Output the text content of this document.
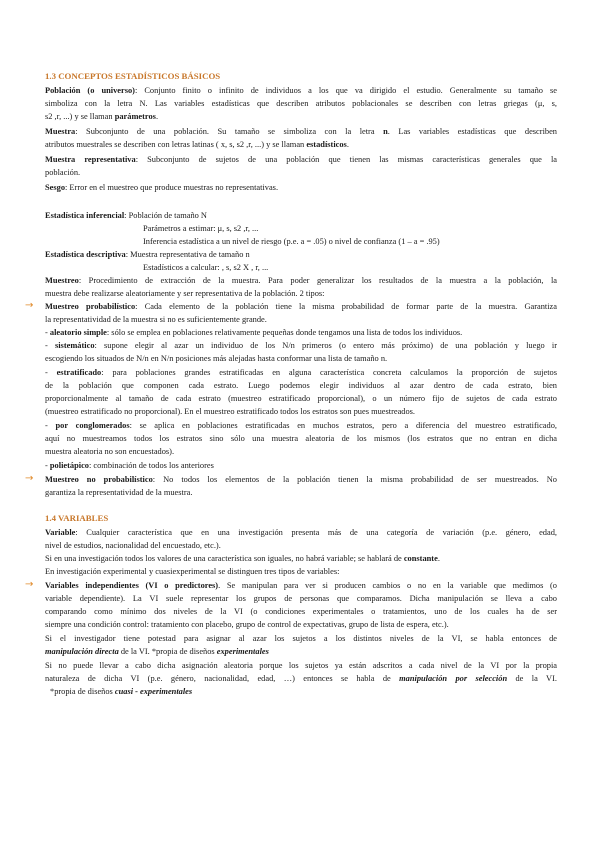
1.3 CONCEPTOS ESTADÍSTICOS BÁSICOS
Población (o universo): Conjunto finito o infinito de individuos a los que va dirigido el estudio. Generalmente su tamaño se
simboliza con la letra N. Las variables estadísticas que describen atributos poblacionales se describen con letras griegas (μ, s,
s2 ,r, ...) y se llaman parámetros.
Muestra: Subconjunto de una población. Su tamaño se simboliza con la letra n. Las variables estadísticas que describen
atributos muestrales se describen con letras latinas ( x, s, s2 ,r, ...) y se llaman estadísticos.
Muestra representativa: Subconjunto de sujetos de una población que tienen las mismas características generales que la
población.
Sesgo: Error en el muestreo que produce muestras no representativas.
Estadística inferencial: Población de tamaño N
Parámetros a estimar: μ, s, s2 ,r, ...
Inferencia estadística a un nivel de riesgo (p.e. a = .05) o nivel de confianza (1 – a = .95)
Estadística descriptiva: Muestra representativa de tamaño n
Estadísticos a calcular: , s, s2 X , r, ...
Muestreo: Procedimiento de extracción de la muestra. Para poder generalizar los resultados de la muestra a la población, la
muestra debe realizarse aleatoriamente y ser representativa de la población. 2 tipos:
→ Muestreo probabilístico: Cada elemento de la población tiene la misma probabilidad de formar parte de la muestra. Garantiza
la representatividad de la muestra si no es suficientemente grande.
- aleatorio simple: sólo se emplea en poblaciones relativamente pequeñas donde tengamos una lista de todos los individuos.
- sistemático: supone elegir al azar un individuo de los N/n primeros (o entero más próximo) de una población y luego ir
escogiendo los situados de N/n en N/n posiciones más alejadas hasta conformar una lista de tamaño n.
- estratificado: para poblaciones grandes estratificadas en alguna característica concreta calculamos la proporción de sujetos
de la población que componen cada estrato. Luego podemos elegir individuos al azar dentro de cada estrato, bien
proporcionalmente al tamaño de cada estrato (muestreo estratificado proporcional), o un número fijo de sujetos de cada estrato
(muestreo estratificado no proporcional). En el muestreo estratificado todos los estratos son pues muestreados.
- por conglomerados: se aplica en poblaciones estratificadas en muchos estratos, pero a diferencia del muestreo estratificado,
aquí no muestreamos todos los estratos sino sólo una muestra aleatoria de los mismos (los estratos que no entran en dicha
muestra aleatoria no son encuestados).
- polietápico: combinación de todos los anteriores
→ Muestreo no probabilístico: No todos los elementos de la población tienen la misma probabilidad de ser muestreados. No
garantiza la representatividad de la muestra.
1.4 VARIABLES
Variable: Cualquier característica que en una investigación presenta más de una categoría de variación (p.e. género, edad,
nivel de estudios, nacionalidad del encuestado, etc.).
Si en una investigación todos los valores de una característica son iguales, no habrá variable; se hablará de constante.
En investigación experimental y cuasiexperimental se distinguen tres tipos de variables:
→ Variables independientes (VI o predictores). Se manipulan para ver si producen cambios o no en la variable que medimos (o
variable dependiente). La VI suele representar los grupos de personas que comparamos. Dicha manipulación se lleva a cabo
comparando como mínimo dos niveles de la VI (o condiciones experimentales o tratamientos, uno de los cuales ha de ser
siempre una condición control: tratamiento con placebo, grupo de control de expectativas, grupo de lista de espera, etc.).
Si el investigador tiene potestad para asignar al azar los sujetos a los distintos niveles de la VI, se habla entonces de
manipulación directa de la VI. *propia de diseños experimentales
Si no puede llevar a cabo dicha asignación aleatoria porque los sujetos ya están adscritos a cada nivel de la VI por la propia
naturaleza de dicha VI (p.e. género, nacionalidad, edad, …) entonces se habla de manipulación por selección de la VI.
*propia de diseños cuasi - experimentales
